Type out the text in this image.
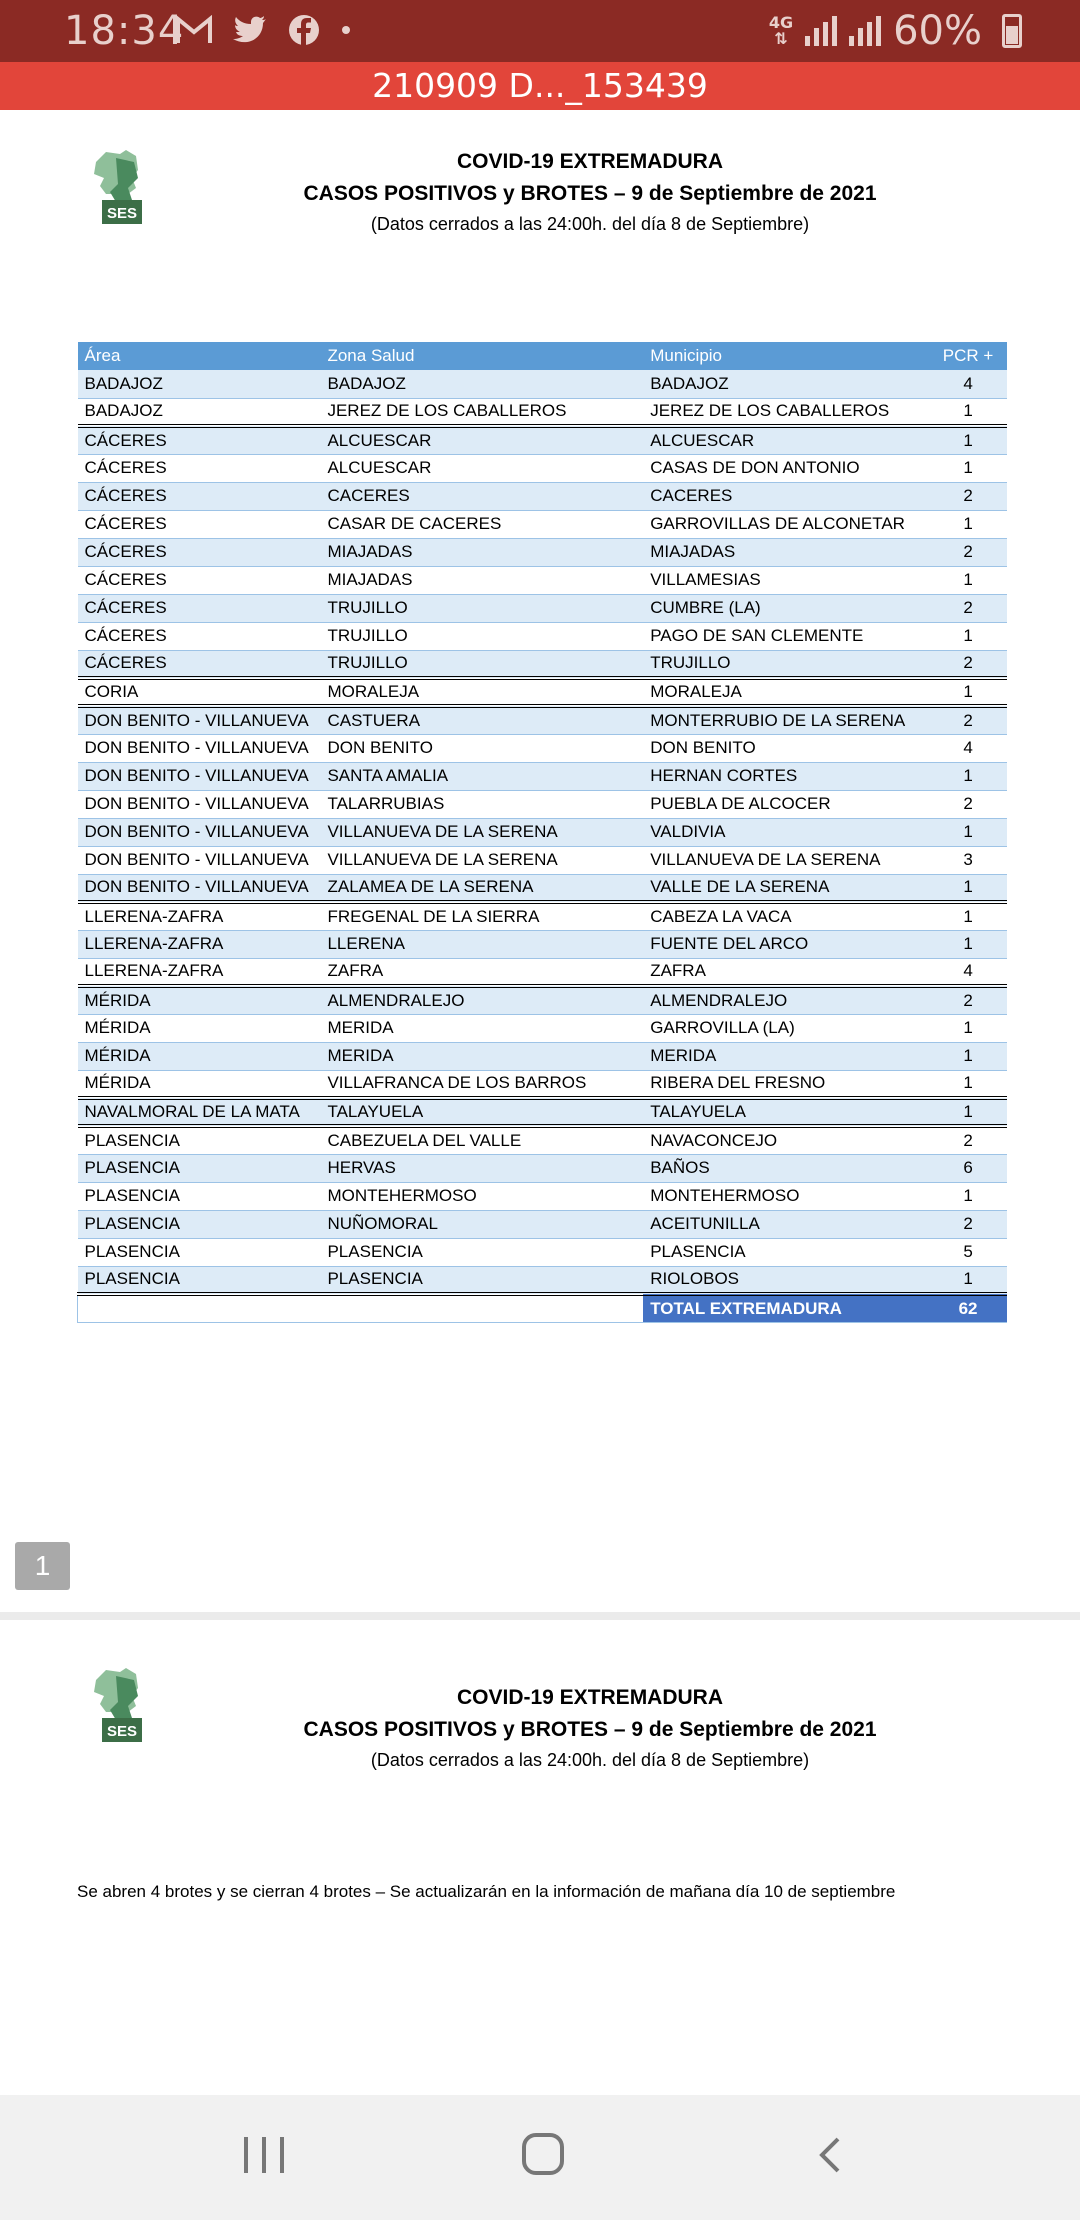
18:34	4G
⇅	60%
210909 D..._153439
SES
COVID-19 EXTREMADURA
CASOS POSITIVOS y BROTES – 9 de Septiembre de 2021
(Datos cerrados a las 24:00h. del día 8 de Septiembre)
Área	Zona Salud	Municipio	PCR +
BADAJOZ	BADAJOZ	BADAJOZ	4
BADAJOZ	JEREZ DE LOS CABALLEROS	JEREZ DE LOS CABALLEROS	1
CÁCERES	ALCUESCAR	ALCUESCAR	1
CÁCERES	ALCUESCAR	CASAS DE DON ANTONIO	1
CÁCERES	CACERES	CACERES	2
CÁCERES	CASAR DE CACERES	GARROVILLAS DE ALCONETAR	1
CÁCERES	MIAJADAS	MIAJADAS	2
CÁCERES	MIAJADAS	VILLAMESIAS	1
CÁCERES	TRUJILLO	CUMBRE (LA)	2
CÁCERES	TRUJILLO	PAGO DE SAN CLEMENTE	1
CÁCERES	TRUJILLO	TRUJILLO	2
CORIA	MORALEJA	MORALEJA	1
DON BENITO - VILLANUEVA	CASTUERA	MONTERRUBIO DE LA SERENA	2
DON BENITO - VILLANUEVA	DON BENITO	DON BENITO	4
DON BENITO - VILLANUEVA	SANTA AMALIA	HERNAN CORTES	1
DON BENITO - VILLANUEVA	TALARRUBIAS	PUEBLA DE ALCOCER	2
DON BENITO - VILLANUEVA	VILLANUEVA DE LA SERENA	VALDIVIA	1
DON BENITO - VILLANUEVA	VILLANUEVA DE LA SERENA	VILLANUEVA DE LA SERENA	3
DON BENITO - VILLANUEVA	ZALAMEA DE LA SERENA	VALLE DE LA SERENA	1
LLERENA-ZAFRA	FREGENAL DE LA SIERRA	CABEZA LA VACA	1
LLERENA-ZAFRA	LLERENA	FUENTE DEL ARCO	1
LLERENA-ZAFRA	ZAFRA	ZAFRA	4
MÉRIDA	ALMENDRALEJO	ALMENDRALEJO	2
MÉRIDA	MERIDA	GARROVILLA (LA)	1
MÉRIDA	MERIDA	MERIDA	1
MÉRIDA	VILLAFRANCA DE LOS BARROS	RIBERA DEL FRESNO	1
NAVALMORAL DE LA MATA	TALAYUELA	TALAYUELA	1
PLASENCIA	CABEZUELA DEL VALLE	NAVACONCEJO	2
PLASENCIA	HERVAS	BAÑOS	6
PLASENCIA	MONTEHERMOSO	MONTEHERMOSO	1
PLASENCIA	NUÑOMORAL	ACEITUNILLA	2
PLASENCIA	PLASENCIA	PLASENCIA	5
PLASENCIA	PLASENCIA	RIOLOBOS	1
		TOTAL EXTREMADURA	62
1
SES
COVID-19 EXTREMADURA
CASOS POSITIVOS y BROTES – 9 de Septiembre de 2021
(Datos cerrados a las 24:00h. del día 8 de Septiembre)
Se abren 4 brotes y se cierran 4 brotes – Se actualizarán en la información de mañana día 10 de septiembre
